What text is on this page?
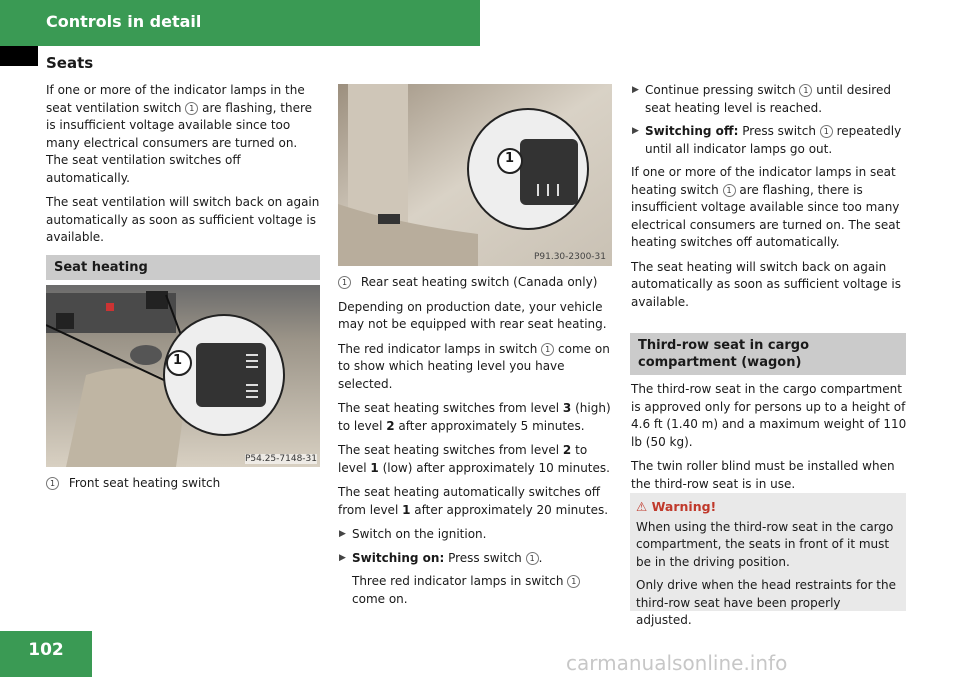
Controls in detail
Seats

If one or more of the indicator lamps in the seat ventilation switch 1 are flashing, there is insufficient voltage available since too many electrical consumers are turned on. The seat ventilation switches off automatically.

The seat ventilation will switch back on again automatically as soon as sufficient voltage is available.

Seat heating
1
P54.25-7148-31
1 Front seat heating switch
1
P91.30-2300-31

1 Rear seat heating switch (Canada only)

Depending on production date, your vehicle may not be equipped with rear seat heating.

The red indicator lamps in switch 1 come on to show which heating level you have selected.

The seat heating switches from level 3 (high) to level 2 after approximately 5 minutes.

The seat heating switches from level 2 to level 1 (low) after approximately 10 minutes.

The seat heating automatically switches off from level 1 after approximately 20 minutes.

▶ Switch on the ignition.
▶ Switching on: Press switch 1 .
Three red indicator lamps in switch 1 come on.
▶ Continue pressing switch 1 until desired seat heating level is reached.
▶ Switching off: Press switch 1 repeatedly until all indicator lamps go out.

If one or more of the indicator lamps in seat heating switch 1 are flashing, there is insufficient voltage available since too many electrical consumers are turned on. The seat heating switches off automatically.

The seat heating will switch back on again automatically as soon as sufficient voltage is available.

Third-row seat in cargo compartment (wagon)

The third-row seat in the cargo compartment is approved only for persons up to a height of 4.6 ft (1.40 m) and a maximum weight of 110 lb (50 kg).

The twin roller blind must be installed when the third-row seat is in use.

⚠ Warning!

When using the third-row seat in the cargo compartment, the seats in front of it must be in the driving position.

Only drive when the head restraints for the third-row seat have been properly adjusted.

102
carmanualsonline.info
